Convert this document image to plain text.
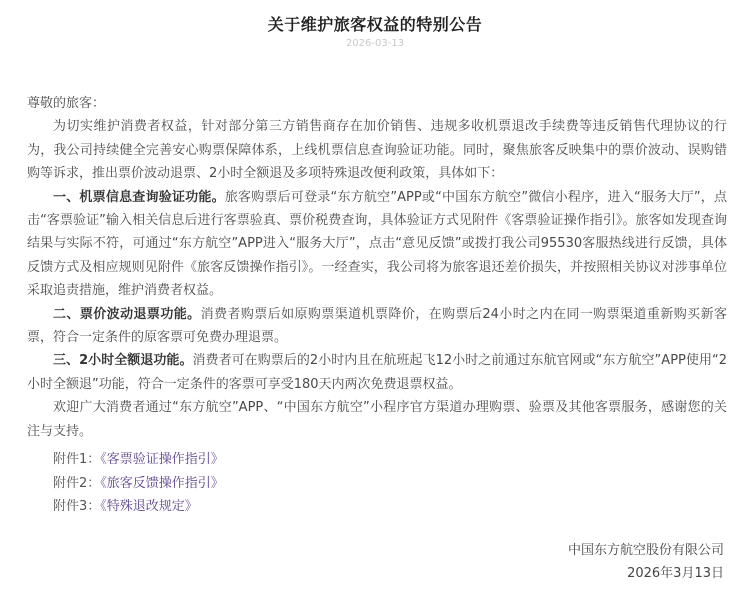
关于维护旅客权益的特别公告
2026-03-13

尊敬的旅客：

为切实维护消费者权益，针对部分第三方销售商存在加价销售、违规多收机票退改手续费等违反销售代理协议的行为，我公司持续健全完善安心购票保障体系，上线机票信息查询验证功能。同时，聚焦旅客反映集中的票价波动、误购错购等诉求，推出票价波动退票、2小时全额退及多项特殊退改便利政策，具体如下：

一、机票信息查询验证功能。旅客购票后可登录“东方航空”APP或“中国东方航空”微信小程序，进入“服务大厅”，点击“客票验证”输入相关信息后进行客票验真、票价税费查询，具体验证方式见附件《客票验证操作指引》。旅客如发现查询结果与实际不符，可通过“东方航空”APP进入“服务大厅”，点击“意见反馈”或拨打我公司95530客服热线进行反馈，具体反馈方式及相应规则见附件《旅客反馈操作指引》。一经查实，我公司将为旅客退还差价损失，并按照相关协议对涉事单位采取追责措施，维护消费者权益。

二、票价波动退票功能。消费者购票后如原购票渠道机票降价，在购票后24小时之内在同一购票渠道重新购买新客票，符合一定条件的原客票可免费办理退票。

三、2小时全额退功能。消费者可在购票后的2小时内且在航班起飞12小时之前通过东航官网或“东方航空”APP使用“2小时全额退”功能，符合一定条件的客票可享受180天内两次免费退票权益。

欢迎广大消费者通过“东方航空”APP、“中国东方航空”小程序官方渠道办理购票、验票及其他客票服务，感谢您的关注与支持。

附件1：《客票验证操作指引》
附件2：《旅客反馈操作指引》
附件3：《特殊退改规定》
中国东方航空股份有限公司
2026年3月13日
